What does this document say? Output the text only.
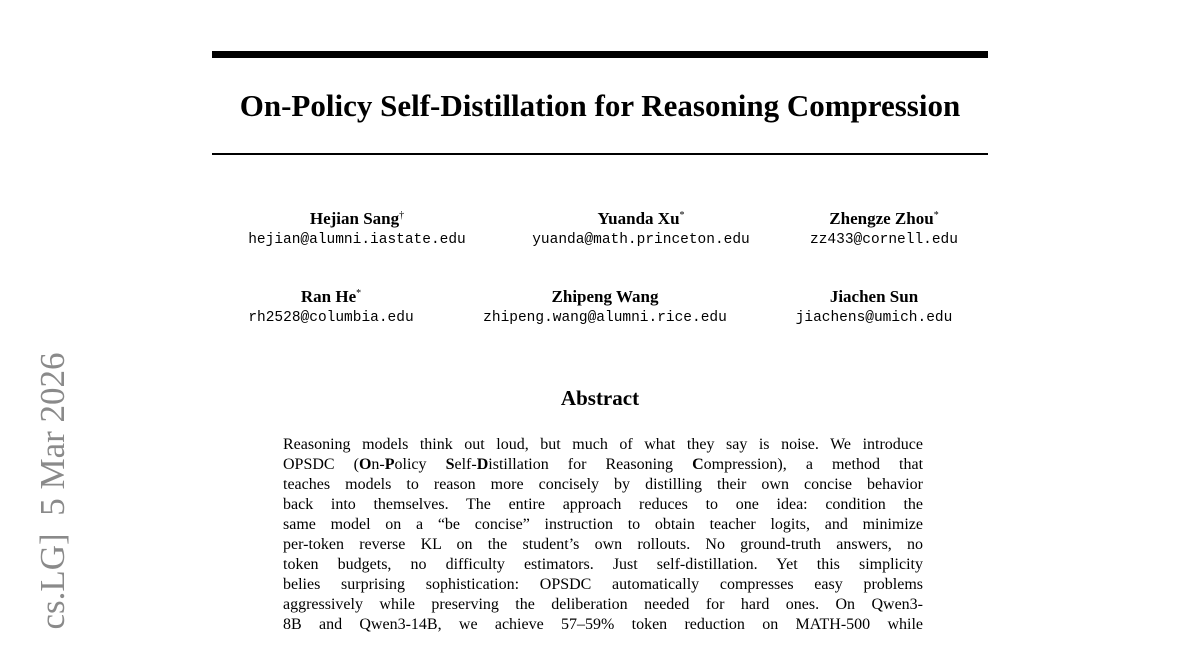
On-Policy Self-Distillation for Reasoning Compression
cs.LG]  5 Mar 2026
Hejian Sang†
hejian@alumni.iastate.edu
Yuanda Xu*
yuanda@math.princeton.edu
Zhengze Zhou*
zz433@cornell.edu
Ran He*
rh2528@columbia.edu
Zhipeng Wang
zhipeng.wang@alumni.rice.edu
Jiachen Sun
jiachens@umich.edu
Abstract
Reasoning models think out loud, but much of what they say is noise. We introduce
OPSDC (On-Policy Self-Distillation for Reasoning Compression), a method that
teaches models to reason more concisely by distilling their own concise behavior
back into themselves. The entire approach reduces to one idea: condition the
same model on a “be concise” instruction to obtain teacher logits, and minimize
per-token reverse KL on the student’s own rollouts. No ground-truth answers, no
token budgets, no difficulty estimators. Just self-distillation. Yet this simplicity
belies surprising sophistication: OPSDC automatically compresses easy problems
aggressively while preserving the deliberation needed for hard ones. On Qwen3-
8B and Qwen3-14B, we achieve 57–59% token reduction on MATH-500 while
